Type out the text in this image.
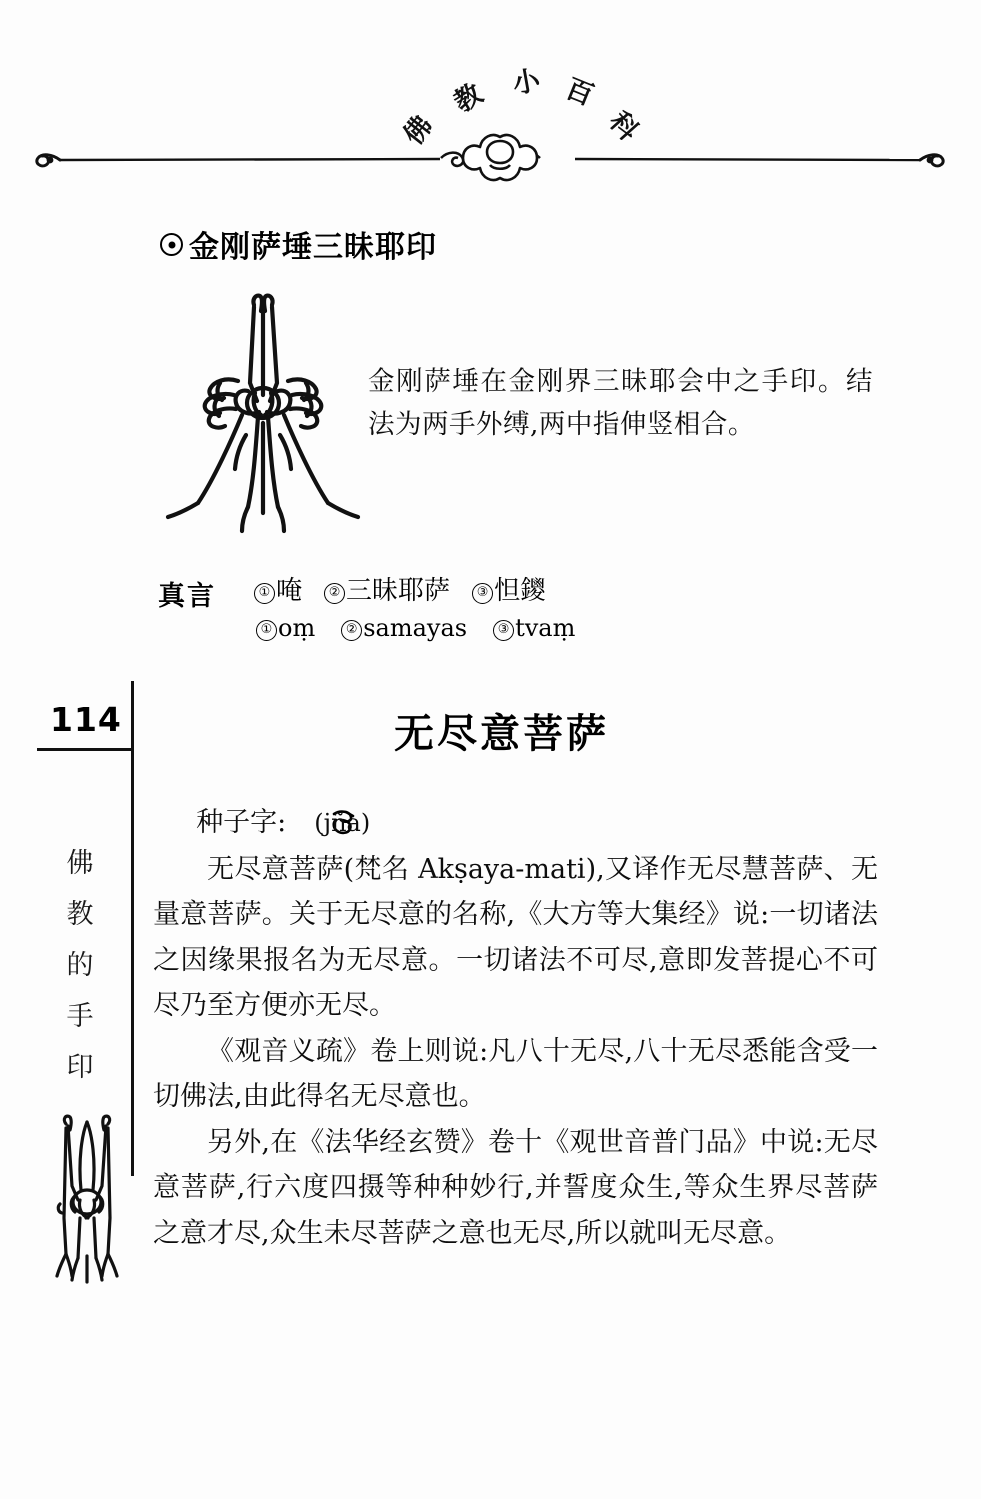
佛
教 小 百
科
金刚萨埵三昧耶印
金刚萨埵在金刚界三昧耶会中之手印。结法为两手外缚,两中指伸竖相合。
真言	① 唵 ② 三昧耶萨 ③ 怛鑁
① oṃ ② samayas ③ tvaṃ
114
佛
教
的
手
印
无尽意菩萨

种子字: (jña)

无尽意菩萨(梵名 Akṣaya-mati),又译作无尽慧菩萨、无量意菩萨。关于无尽意的名称,《大方等大集经》说:一切诸法之因缘果报名为无尽意。一切诸法不可尽,意即发菩提心不可尽乃至方便亦无尽。

《观音义疏》卷上则说:凡八十无尽,八十无尽悉能含受一切佛法,由此得名无尽意也。

另外,在《法华经玄赞》卷十《观世音普门品》中说:无尽意菩萨,行六度四摄等种种妙行,并誓度众生,等众生界尽菩萨之意才尽,众生未尽菩萨之意也无尽,所以就叫无尽意。
